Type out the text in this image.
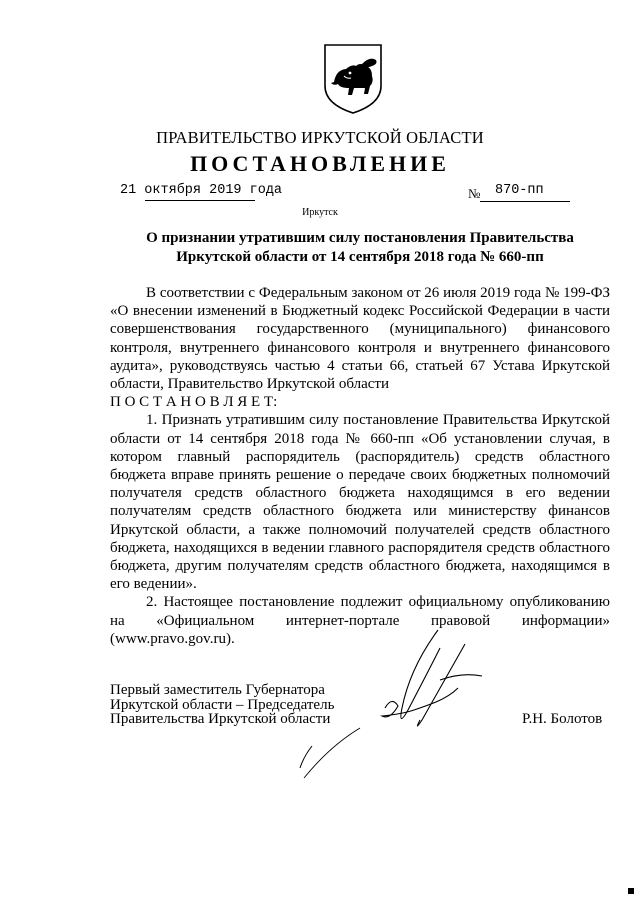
ПРАВИТЕЛЬСТВО ИРКУТСКОЙ ОБЛАСТИ
ПОСТАНОВЛЕНИЕ
21 октября 2019 года	№ 870-пп
Иркутск
О признании утратившим силу постановления Правительства
Иркутской области от 14 сентября 2018 года № 660-пп

В соответствии с Федеральным законом от 26 июля 2019 года № 199-ФЗ «О внесении изменений в Бюджетный кодекс Российской Федерации в части совершенствования государственного (муниципального) финансового контроля, внутреннего финансового контроля и внутреннего финансового аудита», руководствуясь частью 4 статьи 66, статьей 67 Устава Иркутской области, Правительство Иркутской области

П О С Т А Н О В Л Я Е Т:

1. Признать утратившим силу постановление Правительства Иркутской области от 14 сентября 2018 года № 660-пп «Об установлении случая, в котором главный распорядитель (распорядитель) средств областного бюджета вправе принять решение о передаче своих бюджетных полномочий получателя средств областного бюджета находящимся в его ведении получателям средств областного бюджета или министерству финансов Иркутской области, а также полномочий получателей средств областного бюджета, находящихся в ведении главного распорядителя средств областного бюджета, другим получателям средств областного бюджета, находящимся в его ведении».

2. Настоящее постановление подлежит официальному опубликованию на «Официальном интернет-портале правовой информации» (www.pravo.gov.ru).

Первый заместитель Губернатора
Иркутской области – Председатель
Правительства Иркутской области	Р.Н. Болотов
